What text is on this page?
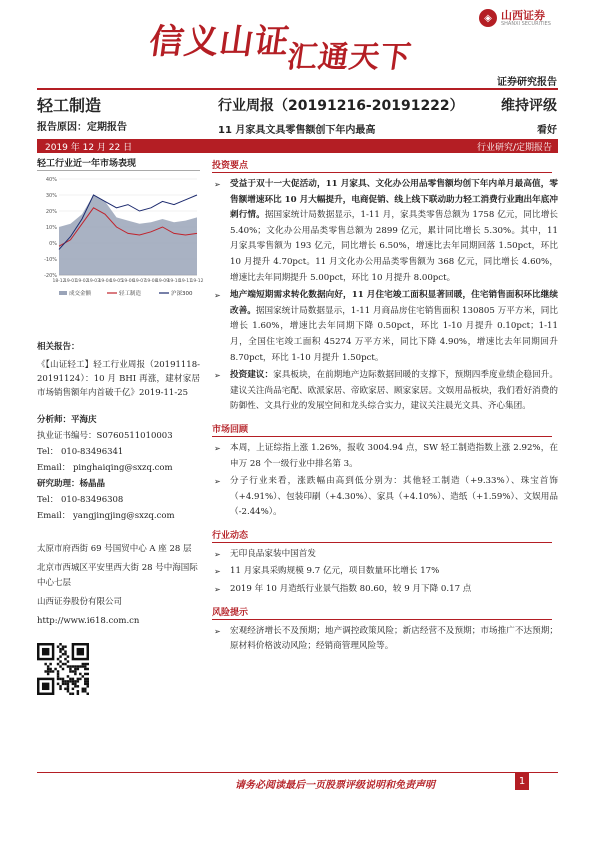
信义山证汇通天下
◈ 山西证券
SHANXI SECURITIES
证券研究报告
轻工制造	行业周报（20191216-20191222）	维持评级
报告原因：定期报告	11 月家具文具零售额创下年内最高	看好
2019 年 12 月 22 日	行业研究/定期报告
轻工行业近一年市场表现
-20%
-10%
0%
10%
20%
30%
40%
18-12
19-01
19-02
19-03
19-04
19-05
19-06
19-07
19-08
19-09
19-10
19-11
19-12
成交金额	轻工制造	沪深300
相关报告：
《【山证轻工】轻工行业周报（20191118-20191124）：10 月 BHI 再涨，建材家居市场销售额年内首破千亿》2019-11-25
分析师：平海庆
执业证书编号：S0760511010003
Tel： 010-83496341
Email： pinghaiqing@sxzq.com
研究助理：杨晶晶
Tel： 010-83496308
Email： yangjingjing@sxzq.com
太原市府西街 69 号国贸中心 A 座 28 层
北京市西城区平安里西大街 28 号中海国际中心七层
山西证券股份有限公司
http://www.i618.com.cn
投资要点
➢ 受益于双十一大促活动，11 月家具、文化办公用品零售额均创下年内单月最高值，零售额增速环比 10 月大幅提升，电商促销、线上线下联动助力轻工消费行业跑出年底冲刺行情。据国家统计局数据显示，1-11 月，家具类零售总额为 1758 亿元，同比增长 5.40%；文化办公用品类零售总额为 2899 亿元，累计同比增长 5.30%。其中，11 月家具零售额为 193 亿元，同比增长 6.50%，增速比去年同期回落 1.50pct，环比 10 月提升 4.70pct。11 月文化办公用品类零售额为 368 亿元，同比增长 4.60%，增速比去年同期提升 5.00pct，环比 10 月提升 8.00pct。
➢ 地产端短期需求转化数据向好，11 月住宅竣工面积显著回暖，住宅销售面积环比继续改善。据国家统计局数据显示，1-11 月商品房住宅销售面积 130805 万平方米，同比增长 1.60%，增速比去年同期下降 0.50pct，环比 1-10 月提升 0.10pct；1-11 月，全国住宅竣工面积 45274 万平方米，同比下降 4.90%，增速比去年同期回升 8.70pct，环比 1-10 月提升 1.50pct。
➢ 投资建议：家具板块，在前期地产边际数据回暖的支撑下，预期四季度业绩企稳回升。建议关注尚品宅配、欧派家居、帝欧家居、顾家家居。文娱用品板块，我们看好消费的防御性、文具行业的发展空间和龙头综合实力，建议关注晨光文具、齐心集团。
市场回顾
➢ 本周，上证综指上涨 1.26%，报收 3004.94 点，SW 轻工制造指数上涨 2.92%，在申万 28 个一级行业中排名第 3。
➢ 分子行业来看，涨跌幅由高到低分别为：其他轻工制造（+9.33%）、珠宝首饰（+4.91%）、包装印刷（+4.30%）、家具（+4.10%）、造纸（+1.59%）、文娱用品（-2.44%）。
行业动态
➢ 无印良品家装中国首发
➢ 11 月家具采购规模 9.7 亿元，项目数量环比增长 17%
➢ 2019 年 10 月造纸行业景气指数 80.60，较 9 月下降 0.17 点
风险提示
➢ 宏观经济增长不及预期；地产调控政策风险；新店经营不及预期；市场推广不达预期；原材料价格波动风险；经销商管理风险等。
请务必阅读最后一页股票评级说明和免责声明	1
